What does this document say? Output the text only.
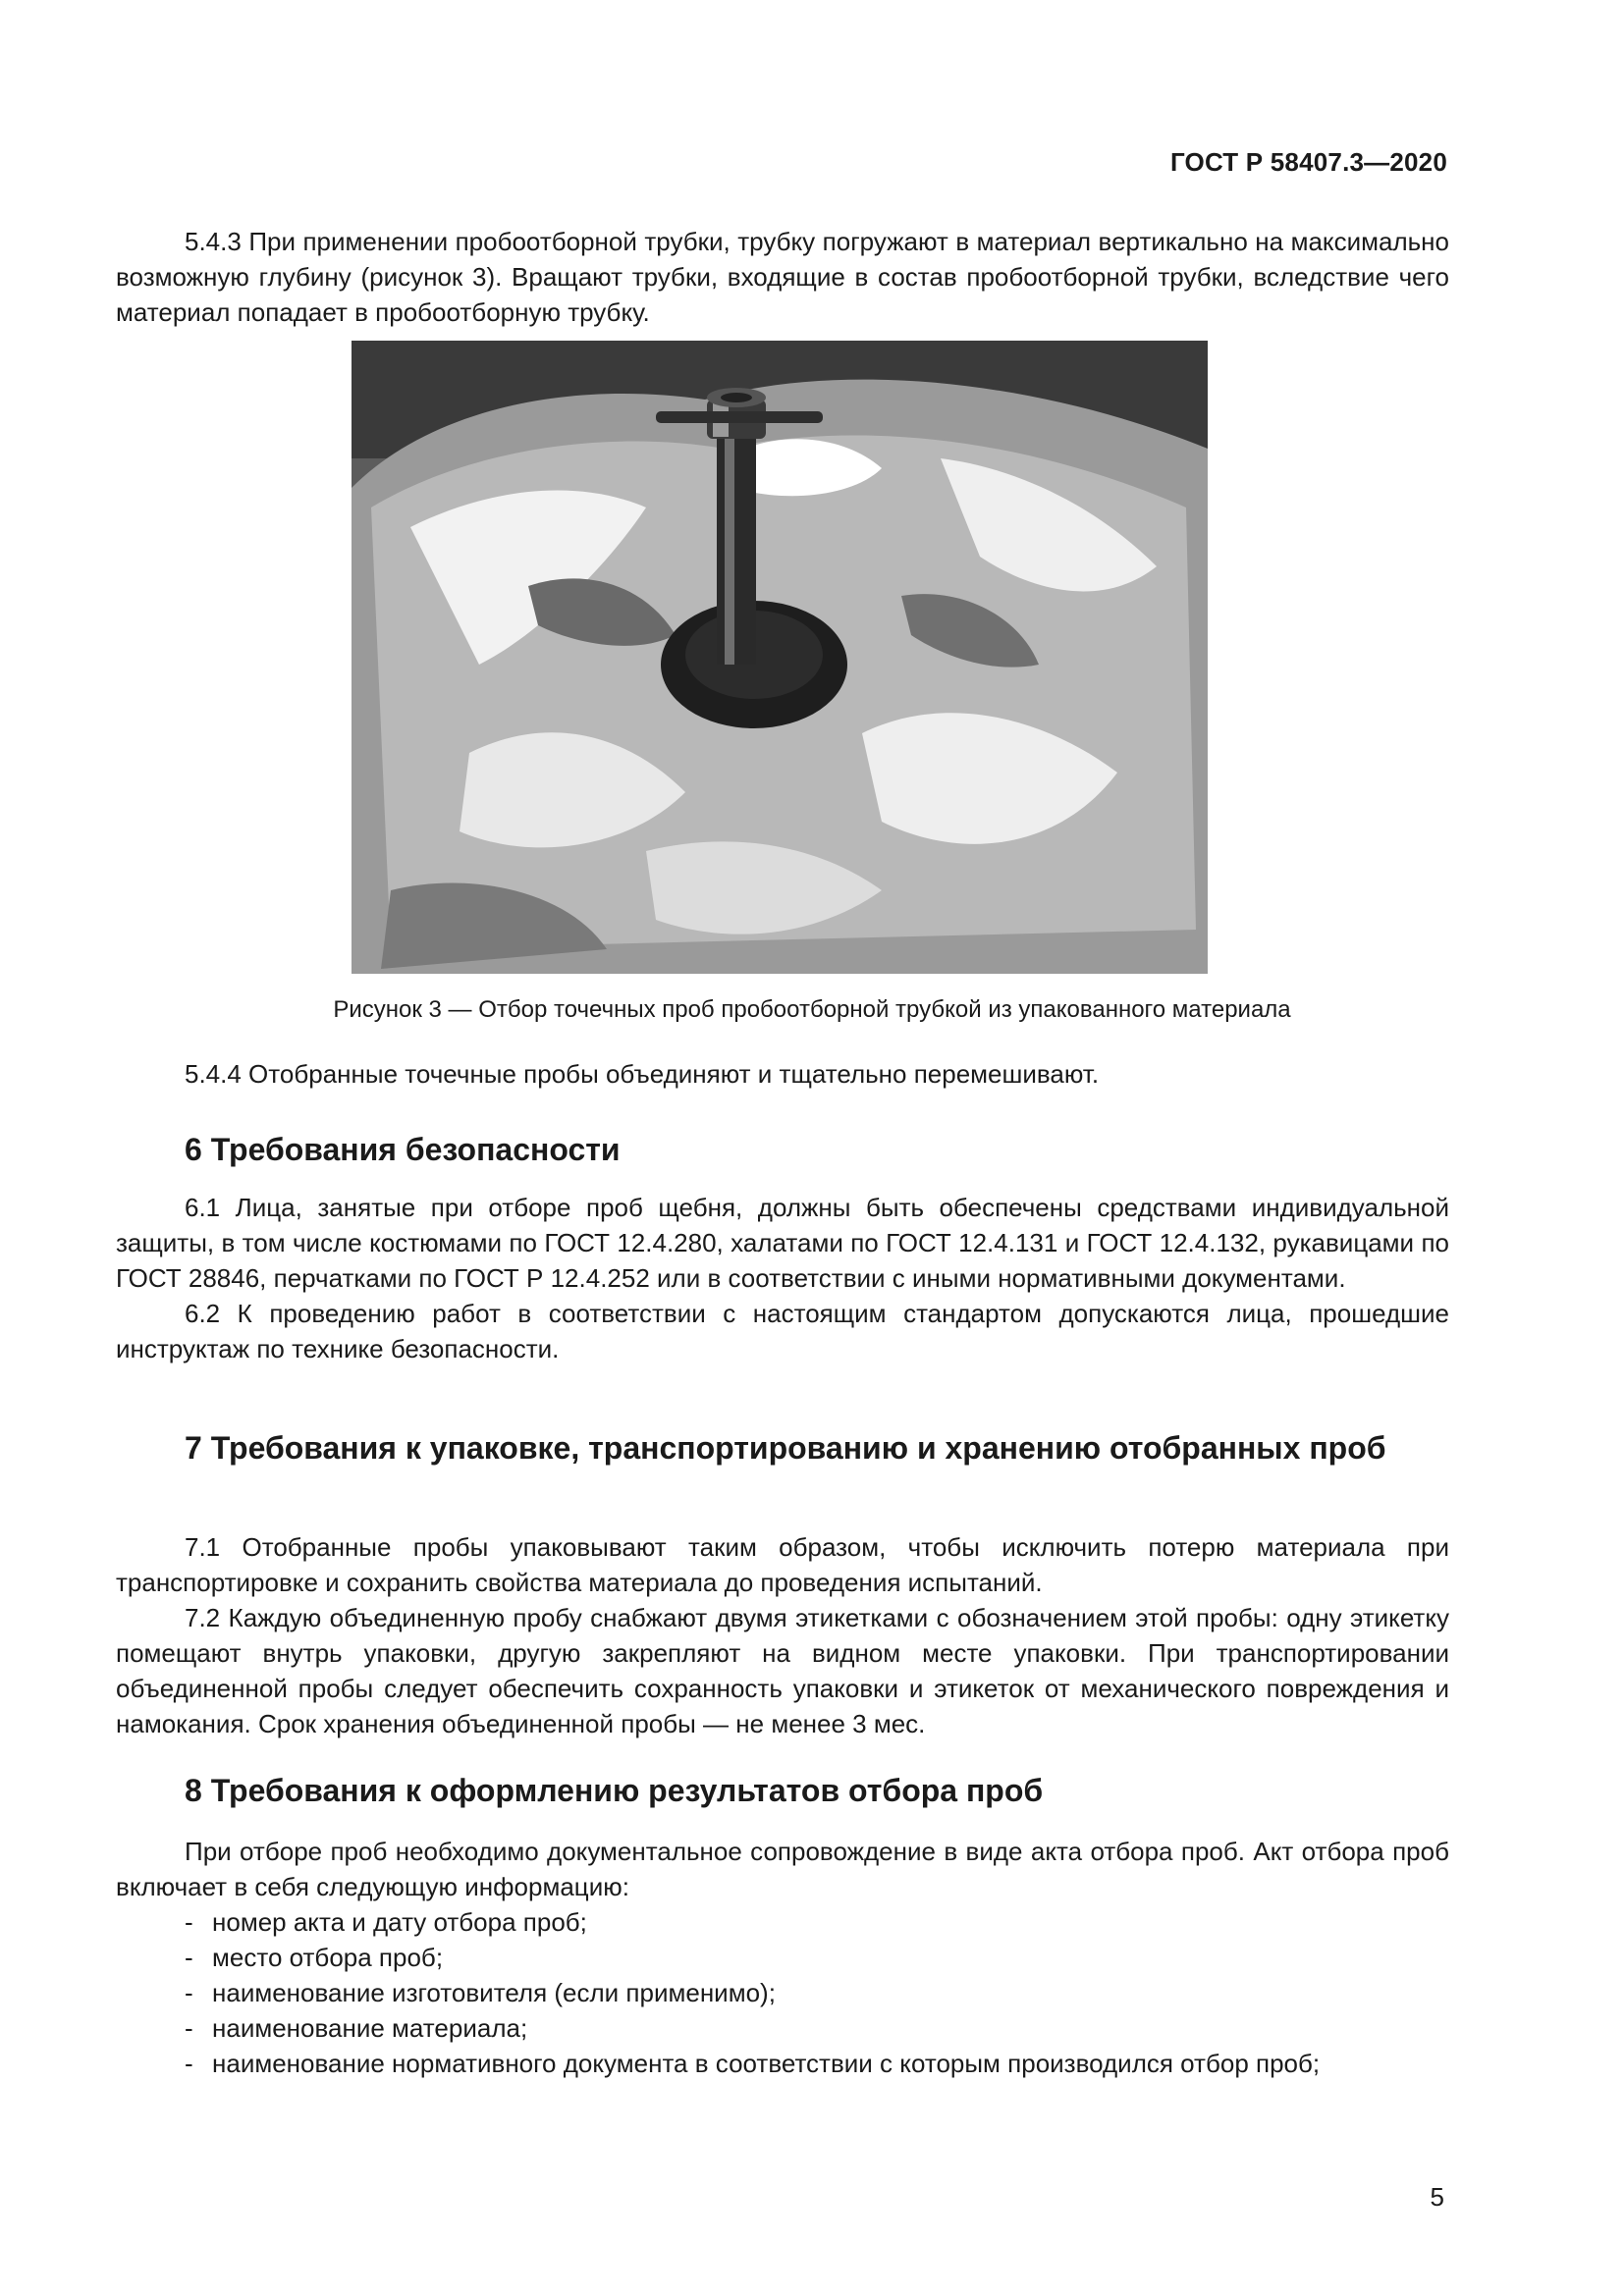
ГОСТ Р 58407.3—2020

5.4.3 При применении пробоотборной трубки, трубку погружают в материал вертикально на максимально возможную глубину (рисунок 3). Вращают трубки, входящие в состав пробоотборной трубки, вследствие чего материал попадает в пробоотборную трубку.

Рисунок 3 — Отбор точечных проб пробоотборной трубкой из упакованного материала

5.4.4 Отобранные точечные пробы объединяют и тщательно перемешивают.

6 Требования безопасности

6.1 Лица, занятые при отборе проб щебня, должны быть обеспечены средствами индивидуальной защиты, в том числе костюмами по ГОСТ 12.4.280, халатами по ГОСТ 12.4.131 и ГОСТ 12.4.132, рукавицами по ГОСТ 28846, перчатками по ГОСТ Р 12.4.252 или в соответствии с иными нормативными документами.

6.2 К проведению работ в соответствии с настоящим стандартом допускаются лица, прошедшие инструктаж по технике безопасности.

7 Требования к упаковке, транспортированию и хранению отобранных проб

7.1 Отобранные пробы упаковывают таким образом, чтобы исключить потерю материала при транспортировке и сохранить свойства материала до проведения испытаний.

7.2 Каждую объединенную пробу снабжают двумя этикетками с обозначением этой пробы: одну этикетку помещают внутрь упаковки, другую закрепляют на видном месте упаковки. При транспортировании объединенной пробы следует обеспечить сохранность упаковки и этикеток от механического повреждения и намокания. Срок хранения объединенной пробы — не менее 3 мес.

8 Требования к оформлению результатов отбора проб

При отборе проб необходимо документальное сопровождение в виде акта отбора проб. Акт отбора проб включает в себя следующую информацию:

- номер акта и дату отбора проб;
- место отбора проб;
- наименование изготовителя (если применимо);
- наименование материала;
- наименование нормативного документа в соответствии с которым производился отбор проб;
5
